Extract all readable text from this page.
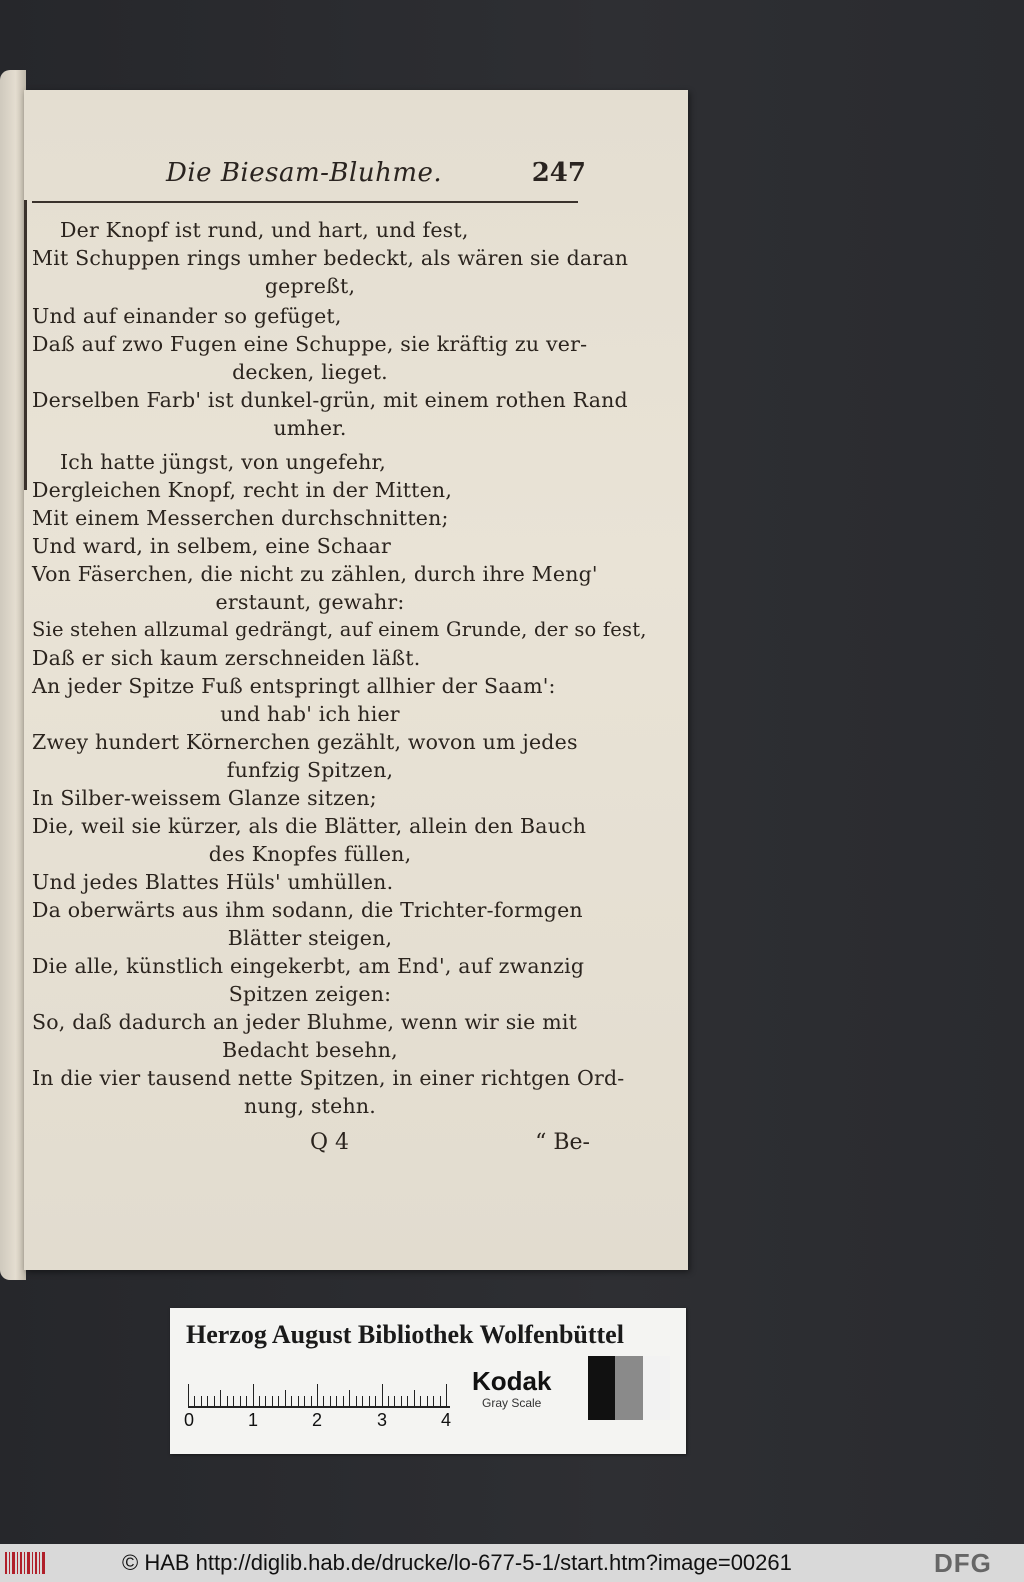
Die Biesam-Bluhme.	247
Der Knopf ist rund, und hart, und fest,
Mit Schuppen rings umher bedeckt, als wären sie daran
gepreßt,
Und auf einander so gefüget,
Daß auf zwo Fugen eine Schuppe, sie kräftig zu ver-
decken, lieget.
Derselben Farb' ist dunkel-grün, mit einem rothen Rand
umher.
Ich hatte jüngst, von ungefehr,
Dergleichen Knopf, recht in der Mitten,
Mit einem Messerchen durchschnitten;
Und ward, in selbem, eine Schaar
Von Fäserchen, die nicht zu zählen, durch ihre Meng'
erstaunt, gewahr:
Sie stehen allzumal gedrängt, auf einem Grunde, der so fest,
Daß er sich kaum zerschneiden läßt.
An jeder Spitze Fuß entspringt allhier der Saam':
und hab' ich hier
Zwey hundert Körnerchen gezählt, wovon um jedes
funfzig Spitzen,
In Silber-weissem Glanze sitzen;
Die, weil sie kürzer, als die Blätter, allein den Bauch
des Knopfes füllen,
Und jedes Blattes Hüls' umhüllen.
Da oberwärts aus ihm sodann, die Trichter-formgen
Blätter steigen,
Die alle, künstlich eingekerbt, am End', auf zwanzig
Spitzen zeigen:
So, daß dadurch an jeder Bluhme, wenn wir sie mit
Bedacht besehn,
In die vier tausend nette Spitzen, in einer richtgen Ord-
nung, stehn.
Q 4	“ Be-
Herzog August Bibliothek Wolfenbüttel
0	1	2	3	4
Kodak
Gray Scale
© HAB http://diglib.hab.de/drucke/lo-677-5-1/start.htm?image=00261	DFG
